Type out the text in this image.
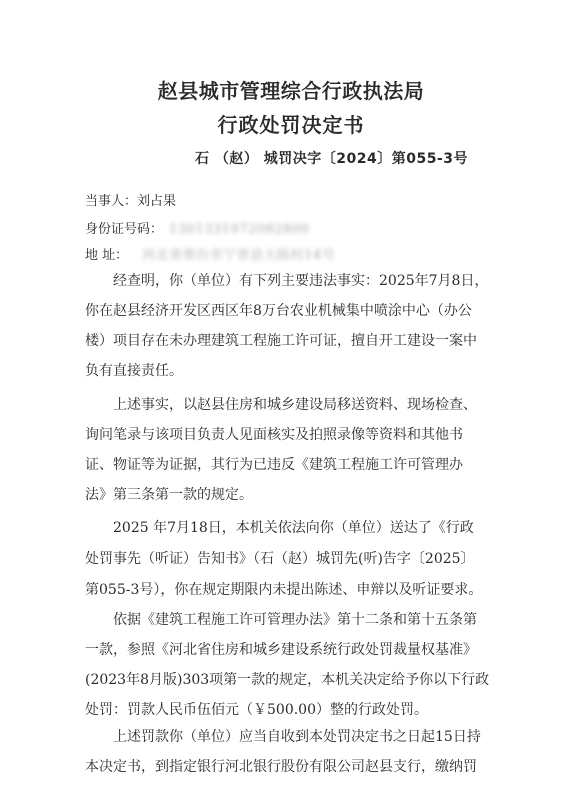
赵县城市管理综合行政执法局
行政处罚决定书
石 （赵） 城罚决字〔2024〕第055-3号
当事人：刘占果
身份证号码： 1301331972082800
地 址： 河北省邢台市宁晋县大陆村14号
经查明，你（单位）有下列主要违法事实：2025年7月8日，
你在赵县经济开发区西区年8万台农业机械集中喷涂中心（办公
楼）项目存在未办理建筑工程施工许可证，擅自开工建设一案中
负有直接责任。
上述事实，以赵县住房和城乡建设局移送资料、现场检查、
询问笔录与该项目负责人见面核实及拍照录像等资料和其他书
证、物证等为证据，其行为已违反《建筑工程施工许可管理办
法》第三条第一款的规定。
2025 年7月18日，本机关依法向你（单位）送达了《行政
处罚事先（听证）告知书》（石（赵）城罚先(听)告字〔2025〕
第055-3号），你在规定期限内未提出陈述、申辩以及听证要求。
依据《建筑工程施工许可管理办法》第十二条和第十五条第
一款，参照《河北省住房和城乡建设系统行政处罚裁量权基准》
(2023年8月版)303项第一款的规定，本机关决定给予你以下行政
处罚：罚款人民币伍佰元（￥500.00）整的行政处罚。
上述罚款你（单位）应当自收到本处罚决定书之日起15日持
本决定书，到指定银行河北银行股份有限公司赵县支行，缴纳罚
